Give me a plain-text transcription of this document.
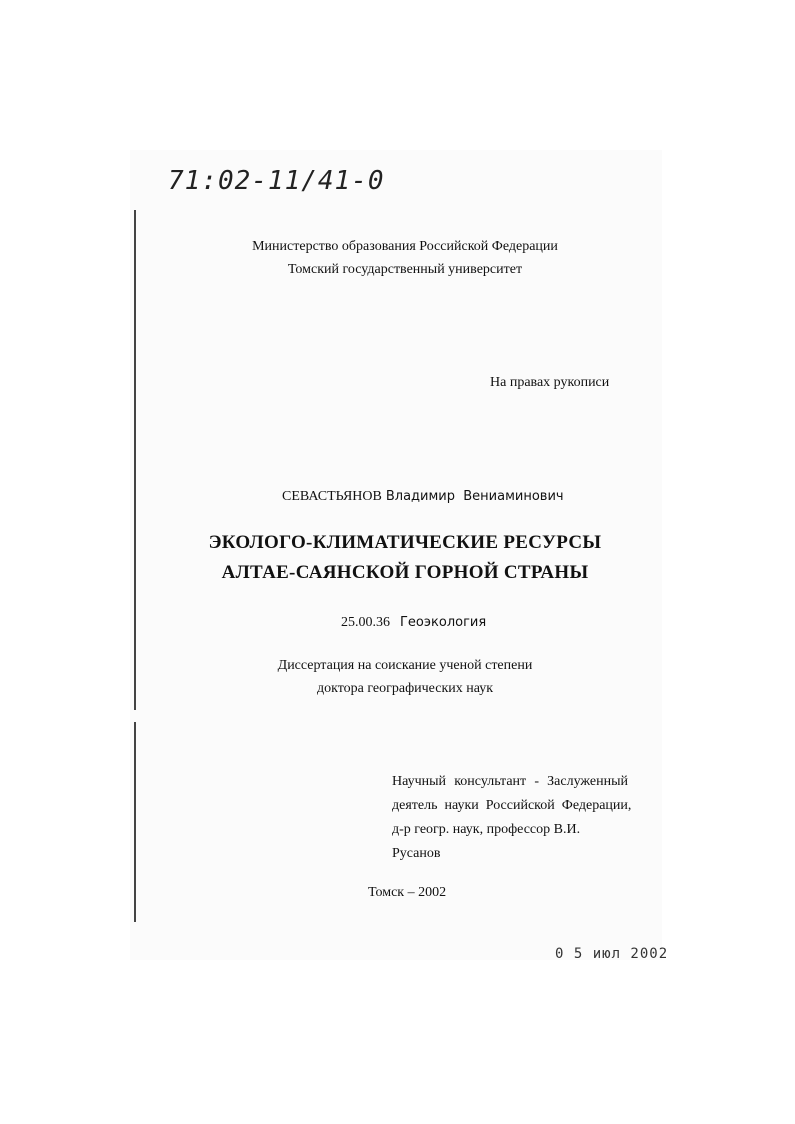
71:02-11/41-0
Министерство образования Российской Федерации
Томский государственный университет
На правах рукописи
СЕВАСТЬЯНОВ Владимир  Вениаминович
ЭКОЛОГО-КЛИМАТИЧЕСКИЕ РЕСУРСЫ
АЛТАЕ-САЯНСКОЙ ГОРНОЙ СТРАНЫ
25.00.36 Геоэкология
Диссертация на соискание ученой степени
доктора географических наук
Научный  консультант  -  Заслуженный
деятель  науки  Российской  Федерации,
д-р геогр. наук, профессор В.И. Русанов
Томск – 2002
0 5 июл 2002
